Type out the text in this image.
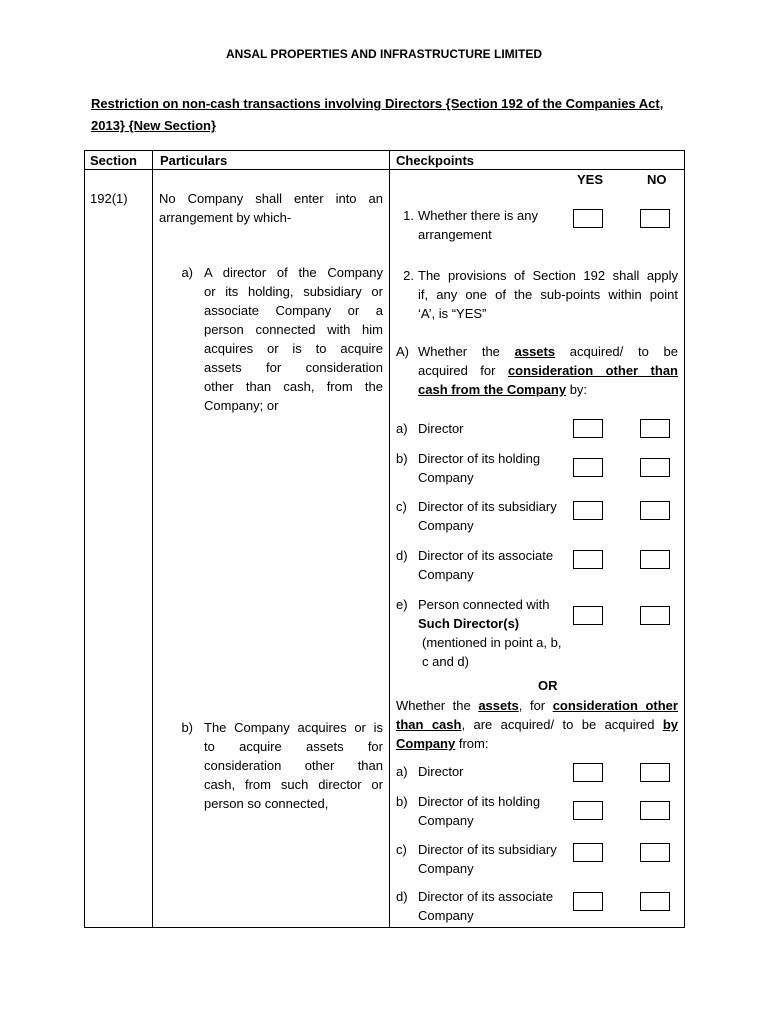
ANSAL PROPERTIES AND INFRASTRUCTURE LIMITED
Restriction on non-cash transactions involving Directors {Section 192 of the Companies Act,
2013} {New Section}
Section Particulars	Checkpoints
YES	NO
192(1) No Company shall enter into an
arrangement by which-
a) A director of the Company
or its holding, subsidiary or
associate Company or a
person connected with him
acquires or is to acquire
assets for consideration
other than cash, from the
Company; or
b) The Company acquires or is
to acquire assets for
consideration other than
cash, from such director or
person so connected,
1. Whether there is any
arrangement
2. The provisions of Section 192 shall apply
if, any one of the sub-points within point
‘A’, is “YES”
A) Whether the assets acquired/ to be
acquired for consideration other than
cash from the Company by:
a) Director
b) Director of its holding
Company
c) Director of its subsidiary
Company
d) Director of its associate
Company
e) Person connected with
Such Director(s)
(mentioned in point a, b,
c and d)
OR
Whether the assets, for consideration other
than cash, are acquired/ to be acquired by
Company from:
a) Director
b) Director of its holding
Company
c) Director of its subsidiary
Company
d) Director of its associate
Company
